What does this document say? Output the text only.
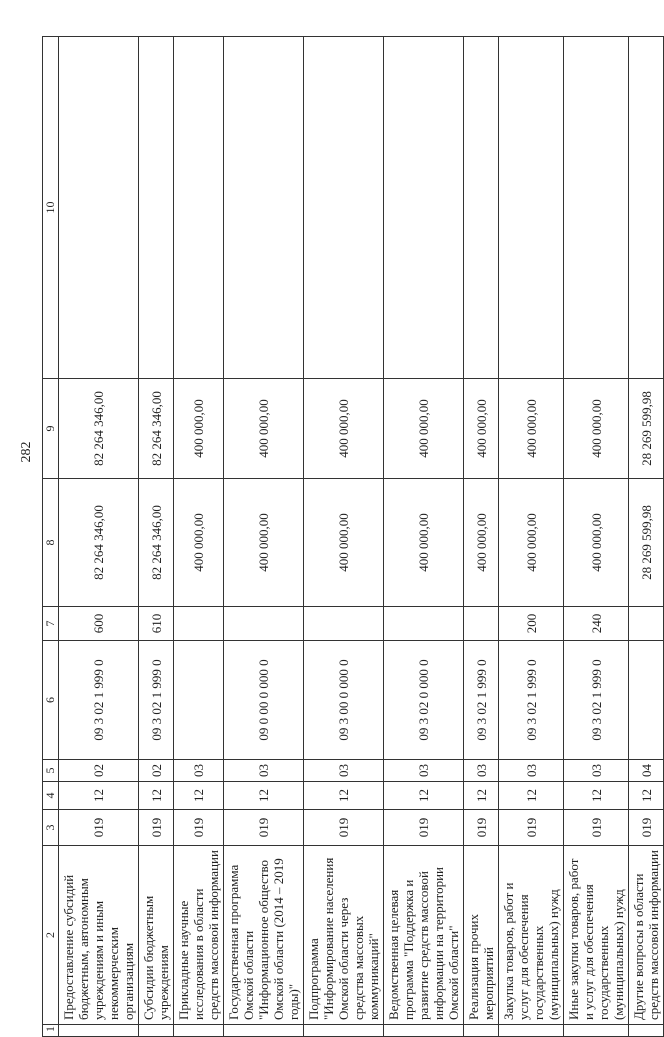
282
1	2	3	4	5	6	7	8	9	10
	Предоставление субсидий бюджетным, автономным учреждениям и иным некоммерческим организациям	019	12	02	09 3 02 1 999 0	600	82 264 346,00	82 264 346,00	
	Субсидии бюджетным учреждениям	019	12	02	09 3 02 1 999 0	610	82 264 346,00	82 264 346,00	
	Прикладные научные исследования в области средств массовой информации	019	12	03			400 000,00	400 000,00	
	Государственная программа Омской области "Информационное общество Омской области (2014 – 2019 годы)"	019	12	03	09 0 00 0 000 0		400 000,00	400 000,00	
	Подпрограмма "Информирование населения Омской области через средства массовых коммуникаций"	019	12	03	09 3 00 0 000 0		400 000,00	400 000,00	
	Ведомственная целевая программа "Поддержка и развитие средств массовой информации на территории Омской области"	019	12	03	09 3 02 0 000 0		400 000,00	400 000,00	
	Реализация прочих мероприятий	019	12	03	09 3 02 1 999 0		400 000,00	400 000,00	
	Закупка товаров, работ и услуг для обеспечения государственных (муниципальных) нужд	019	12	03	09 3 02 1 999 0	200	400 000,00	400 000,00	
	Иные закупки товаров, работ и услуг для обеспечения государственных (муниципальных) нужд	019	12	03	09 3 02 1 999 0	240	400 000,00	400 000,00	
	Другие вопросы в области средств массовой информации	019	12	04			28 269 599,98	28 269 599,98	
